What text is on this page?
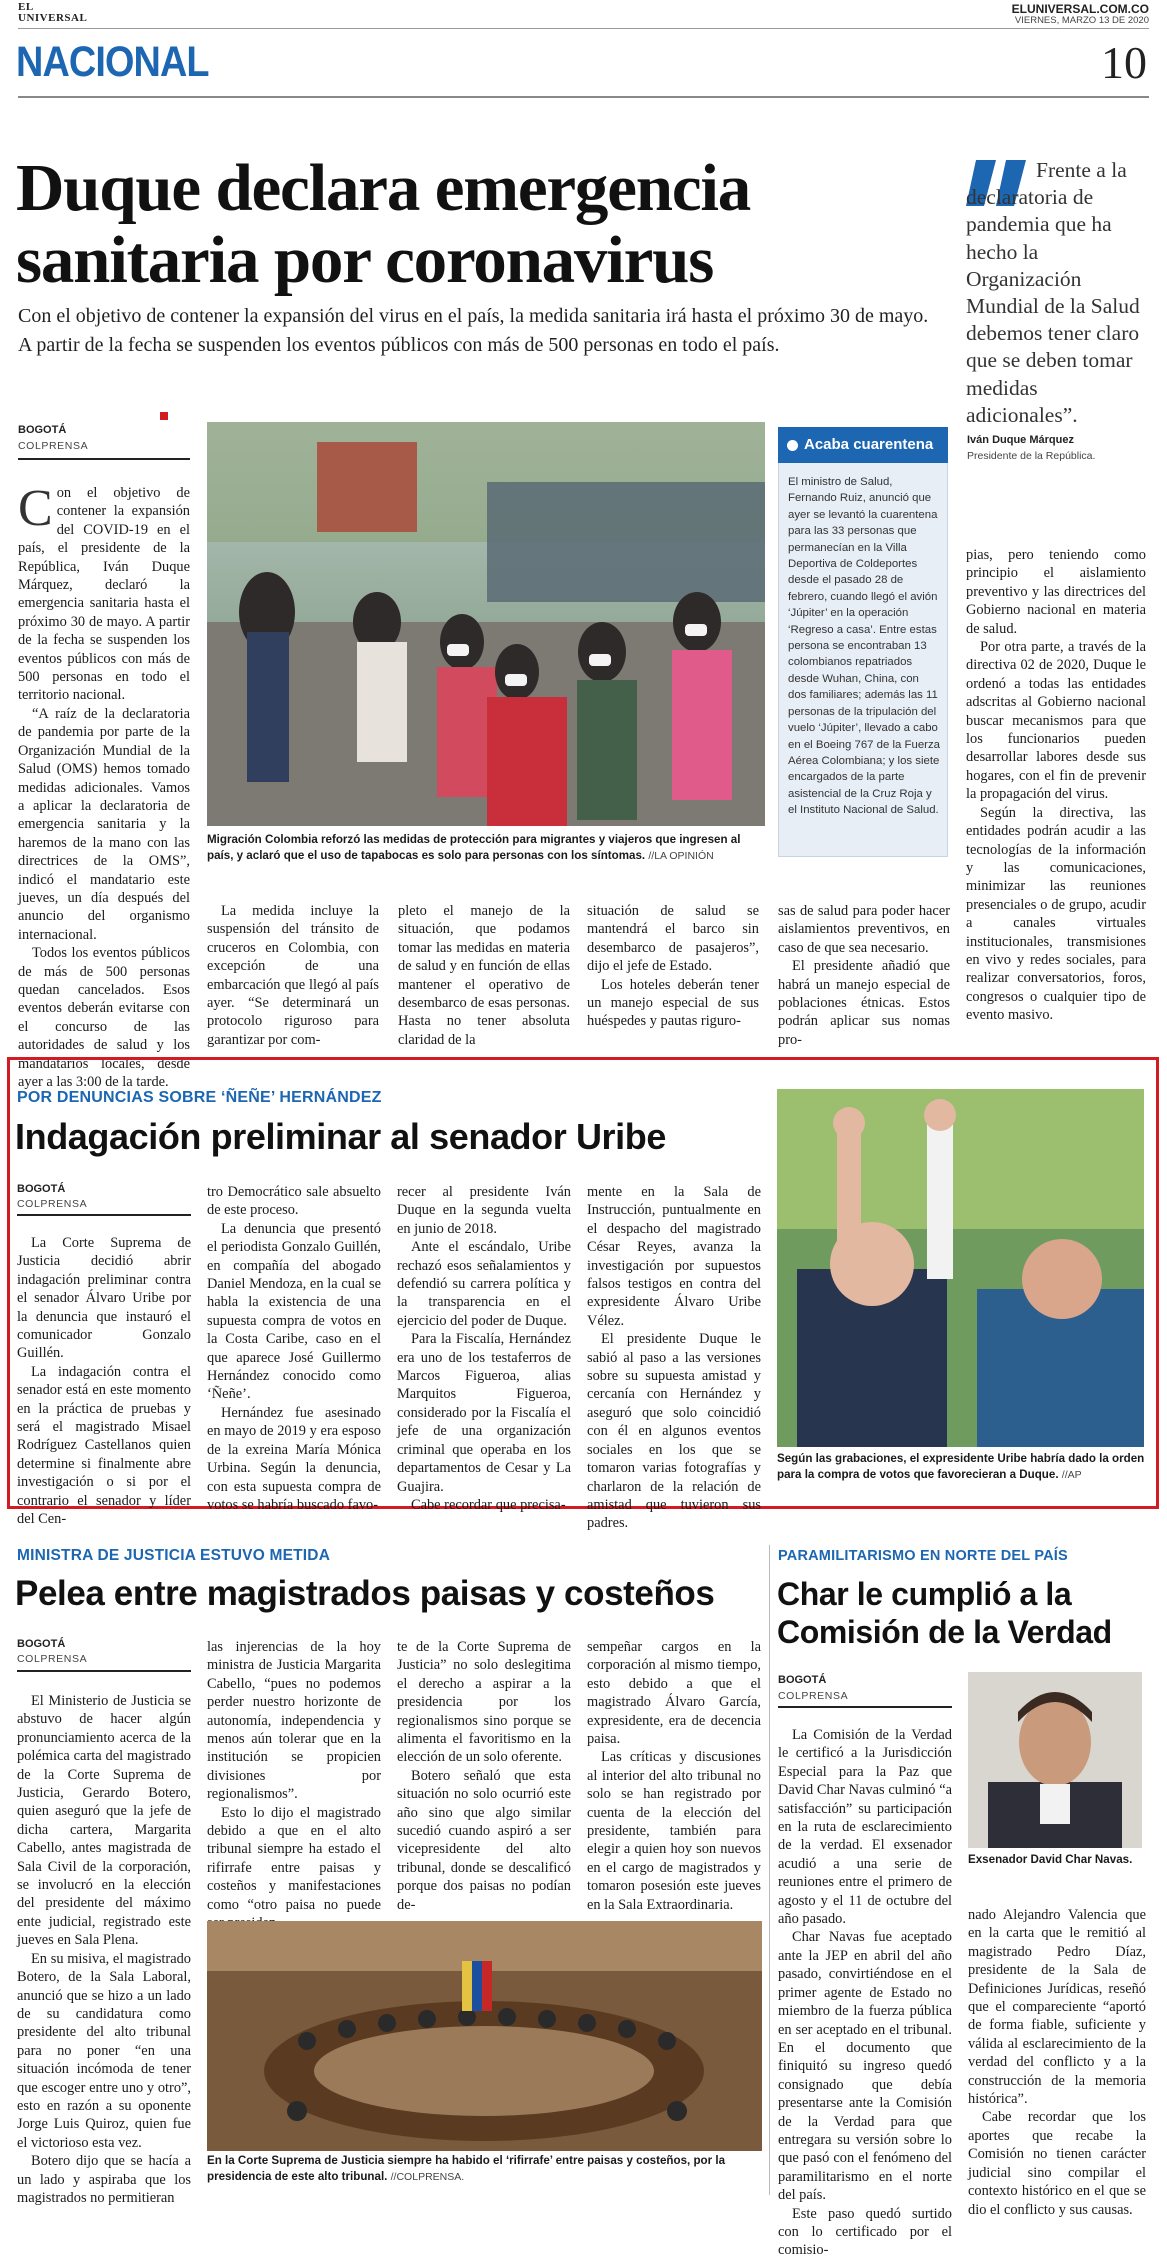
EL
UNIVERSAL
ELUNIVERSAL.COM.CO
VIERNES, MARZO 13 DE 2020
NACIONAL	10
Duque declara emergencia sanitaria por coronavirus

Con el objetivo de contener la expansión del virus en el país, la medida sanitaria irá hasta el próximo 30 de mayo. A partir de la fecha se suspenden los eventos públicos con más de 500 personas en todo el país.

Frente a la declaratoria de pandemia que ha hecho la Organización Mundial de la Salud debemos tener claro que se deben tomar medidas adicionales”.

Iván Duque Márquez
Presidente de la República.
BOGOTÁ
COLPRENSA

Con el objetivo de contener la expansión del COVID-19 en el país, el presidente de la República, Iván Duque Márquez, declaró la emergencia sanitaria hasta el próximo 30 de mayo. A partir de la fecha se suspenden los eventos públicos con más de 500 personas en todo el territorio nacional.

“A raíz de la declaratoria de pandemia por parte de la Organización Mundial de la Salud (OMS) hemos tomado medidas adicionales. Vamos a aplicar la declaratoria de emergencia sanitaria y la haremos de la mano con las directrices de la OMS”, indicó el mandatario este jueves, un día después del anuncio del organismo internacional.

Todos los eventos públicos de más de 500 personas quedan cancelados. Esos eventos deberán evitarse con el concurso de las autoridades de salud y los mandatarios locales, desde ayer a las 3:00 de la tarde.

Migración Colombia reforzó las medidas de protección para migrantes y viajeros que ingresen al país, y aclaró que el uso de tapabocas es solo para personas con los síntomas. //LA OPINIÓN
Acaba cuarentena
El ministro de Salud, Fernando Ruiz, anunció que ayer se levantó la cuarentena para las 33 personas que permanecían en la Villa Deportiva de Coldeportes desde el pasado 28 de febrero, cuando llegó el avión ‘Júpiter’ en la operación ‘Regreso a casa’. Entre estas persona se encontraban 13 colombianos repatriados desde Wuhan, China, con dos familiares; además las 11 personas de la tripulación del vuelo ‘Júpiter’, llevado a cabo en el Boeing 767 de la Fuerza Aérea Colombiana; y los siete encargados de la parte asistencial de la Cruz Roja y el Instituto Nacional de Salud.

La medida incluye la suspensión del tránsito de cruceros en Colombia, con excepción de una embarcación que llegó al país ayer. “Se determinará un protocolo riguroso para garantizar por com-

pleto el manejo de la situación, que podamos tomar las medidas en materia de salud y en función de ellas mantener el operativo de desembarco de esas personas. Hasta no tener absoluta claridad de la

situación de salud se mantendrá el barco sin desembarco de pasajeros”, dijo el jefe de Estado.

Los hoteles deberán tener un manejo especial de sus huéspedes y pautas riguro-

sas de salud para poder hacer aislamientos preventivos, en caso de que sea necesario.

El presidente añadió que habrá un manejo especial de poblaciones étnicas. Estos podrán aplicar sus nomas pro-

pias, pero teniendo como principio el aislamiento preventivo y las directrices del Gobierno nacional en materia de salud.

Por otra parte, a través de la directiva 02 de 2020, Duque le ordenó a todas las entidades adscritas al Gobierno nacional buscar mecanismos para que los funcionarios pueden desarrollar labores desde sus hogares, con el fin de prevenir la propagación del virus.

Según la directiva, las entidades podrán acudir a las tecnologías de la información y las comunicaciones, minimizar las reuniones presenciales o de grupo, acudir a canales virtuales institucionales, transmisiones en vivo y redes sociales, para realizar conversatorios, foros, congresos o cualquier tipo de evento masivo.

POR DENUNCIAS SOBRE ‘ÑEÑE’ HERNÁNDEZ
Indagación preliminar al senador Uribe
BOGOTÁ
COLPRENSA

La Corte Suprema de Justicia decidió abrir indagación preliminar contra el senador Álvaro Uribe por la denuncia que instauró el comunicador Gonzalo Guillén.

La indagación contra el senador está en este momento en la práctica de pruebas y será el magistrado Misael Rodríguez Castellanos quien determine si finalmente abre investigación o si por el contrario el senador y líder del Cen-

tro Democrático sale absuelto de este proceso.

La denuncia que presentó el periodista Gonzalo Guillén, en compañía del abogado Daniel Mendoza, en la cual se habla la existencia de una supuesta compra de votos en la Costa Caribe, caso en el que aparece José Guillermo Hernández conocido como ‘Ñeñe’.

Hernández fue asesinado en mayo de 2019 y era esposo de la exreina María Mónica Urbina. Según la denuncia, con esta supuesta compra de votos se habría buscado favo-

recer al presidente Iván Duque en la segunda vuelta en junio de 2018.

Ante el escándalo, Uribe rechazó esos señalamientos y defendió su carrera política y la transparencia en el ejercicio del poder de Duque.

Para la Fiscalía, Hernández era uno de los testaferros de Marcos Figueroa, alias Marquitos Figueroa, considerado por la Fiscalía el jefe de una organización criminal que operaba en los departamentos de Cesar y La Guajira.

Cabe recordar que precisa-

mente en la Sala de Instrucción, puntualmente en el despacho del magistrado César Reyes, avanza la investigación por supuestos falsos testigos en contra del expresidente Álvaro Uribe Vélez.

El presidente Duque le sabió al paso a las versiones sobre su supuesta amistad y cercanía con Hernández y aseguró que solo coincidió con él en algunos eventos sociales en los que se tomaron varias fotografías y charlaron de la relación de amistad que tuvieron sus padres.

Según las grabaciones, el expresidente Uribe habría dado la orden para la compra de votos que favorecieran a Duque. //AP
MINISTRA DE JUSTICIA ESTUVO METIDA
Pelea entre magistrados paisas y costeños
BOGOTÁ
COLPRENSA

El Ministerio de Justicia se abstuvo de hacer algún pronunciamiento acerca de la polémica carta del magistrado de la Corte Suprema de Justicia, Gerardo Botero, quien aseguró que la jefe de dicha cartera, Margarita Cabello, antes magistrada de Sala Civil de la corporación, se involucró en la elección del presidente del máximo ente judicial, registrado este jueves en Sala Plena.

En su misiva, el magistrado Botero, de la Sala Laboral, anunció que se hizo a un lado de su candidatura como presidente del alto tribunal para no poner “en una situación incómoda de tener que escoger entre uno y otro”, esto en razón a su oponente Jorge Luis Quiroz, quien fue el victorioso esta vez.

Botero dijo que se hacía a un lado y aspiraba que los magistrados no permitieran

las injerencias de la hoy ministra de Justicia Margarita Cabello, “pues no podemos perder nuestro horizonte de autonomía, independencia y menos aún tolerar que en la institución se propicien divisiones por regionalismos”.

Esto lo dijo el magistrado debido a que en el alto tribunal siempre ha estado el rifirrafe entre paisas y costeños y manifestaciones como “otro paisa no puede

te de la Corte Suprema de Justicia” no solo deslegitima el derecho a aspirar a la presidencia por los regionalismos sino porque se alimenta el favoritismo en la elección de un solo oferente.

Botero señaló que esta situación no solo ocurrió este año sino que algo similar sucedió cuando aspiró a ser vicepresidente del alto tribunal, donde se descalificó porque dos paisas no podían de-

sempeñar cargos en la corporación al mismo tiempo, esto debido a que el magistrado Álvaro García, expresidente, era de decencia paisa.

Las críticas y discusiones al interior del alto tribunal no solo se han registrado por cuenta de la elección del presidente, también para elegir a quien hoy son nuevos en el cargo de magistrados y tomaron posesión este jueves en la Sala Extraordinaria.

En la Corte Suprema de Justicia siempre ha habido el ‘rifirrafe’ entre paisas y costeños, por la presidencia de este alto tribunal. //COLPRENSA.
PARAMILITARISMO EN NORTE DEL PAÍS
Char le cumplió a la Comisión de la Verdad
BOGOTÁ
COLPRENSA
Exsenador David Char Navas.

La Comisión de la Verdad le certificó a la Jurisdicción Especial para la Paz que David Char Navas culminó “a satisfacción” su participación en la ruta de esclarecimiento de la verdad. El exsenador acudió a una serie de reuniones entre el primero de agosto y el 11 de octubre del año pasado.

Char Navas fue aceptado ante la JEP en abril del año pasado, convirtiéndose en el primer agente de Estado no miembro de la fuerza pública en ser aceptado en el tribunal. En el documento que finiquitó su ingreso quedó consignado que debía presentarse ante la Comisión de la Verdad para que entregara su versión sobre lo que pasó con el fenómeno del paramilitarismo en el norte del país.

Este paso quedó surtido con lo certificado por el comisio-

nado Alejandro Valencia que en la carta que le remitió al magistrado Pedro Díaz, presidente de la Sala de Definiciones Jurídicas, reseñó que el compareciente “aportó de forma fiable, suficiente y válida al esclarecimiento de la verdad del conflicto y a la construcción de la memoria histórica”.

Cabe recordar que los aportes que recabe la Comisión no tienen carácter judicial sino compilar el contexto histórico en el que se dio el conflicto y sus causas.
